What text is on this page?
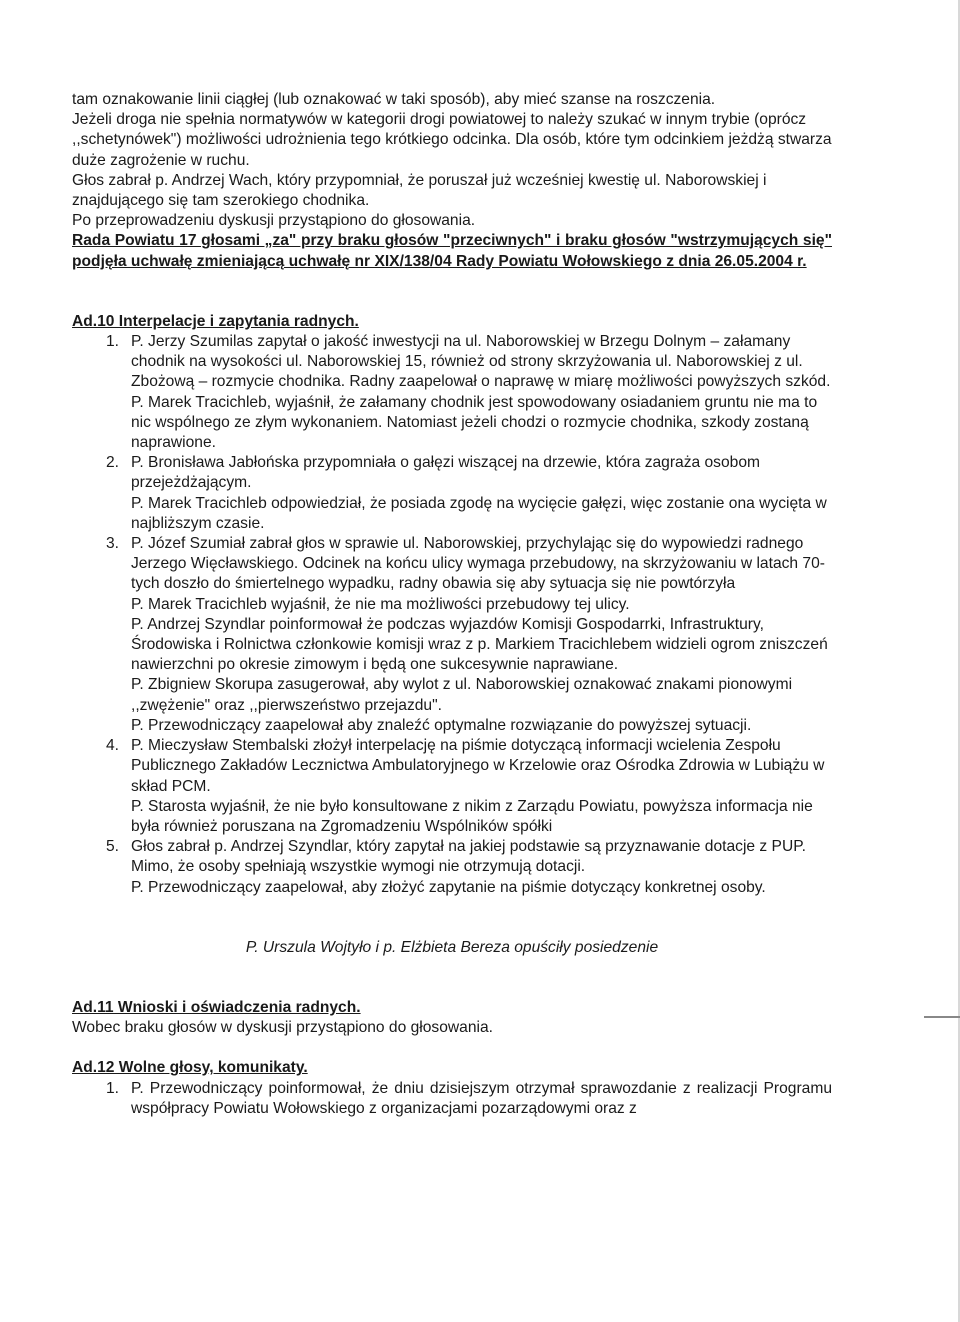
tam oznakowanie linii ciągłej (lub oznakować w taki sposób), aby mieć szanse na roszczenia.

Jeżeli droga nie spełnia normatywów w kategorii drogi powiatowej to należy szukać w innym trybie (oprócz ,,schetynówek") możliwości udrożnienia tego krótkiego odcinka. Dla osób, które tym odcinkiem jeżdżą stwarza duże zagrożenie w ruchu.

Głos zabrał p. Andrzej Wach, który przypomniał, że poruszał już wcześniej kwestię ul. Naborowskiej i znajdującego się tam szerokiego chodnika.

Po przeprowadzeniu dyskusji przystąpiono do głosowania.

Rada Powiatu 17 głosami „za" przy braku głosów "przeciwnych" i braku głosów "wstrzymujących się" podjęła uchwałę zmieniającą uchwałę nr XIX/138/04 Rady Powiatu Wołowskiego z dnia 26.05.2004 r.

Ad.10 Interpelacje i zapytania radnych.

1. P. Jerzy Szumilas zapytał o jakość inwestycji na ul. Naborowskiej w Brzegu Dolnym – załamany chodnik na wysokości ul. Naborowskiej 15, również od strony skrzyżowania ul. Naborowskiej z ul. Zbożową – rozmycie chodnika. Radny zaapelował o naprawę w miarę możliwości powyższych szkód.

P. Marek Tracichleb, wyjaśnił, że załamany chodnik jest spowodowany osiadaniem gruntu nie ma to nic wspólnego ze złym wykonaniem. Natomiast jeżeli chodzi o rozmycie chodnika, szkody zostaną naprawione.

2. P. Bronisława Jabłońska przypomniała o gałęzi wiszącej na drzewie, która zagraża osobom przejeżdżającym.

P. Marek Tracichleb odpowiedział, że posiada zgodę na wycięcie gałęzi, więc zostanie ona wycięta w najbliższym czasie.

3. P. Józef Szumiał zabrał głos w sprawie ul. Naborowskiej, przychylając się do wypowiedzi radnego Jerzego Więcławskiego. Odcinek na końcu ulicy wymaga przebudowy, na skrzyżowaniu w latach 70-tych doszło do śmiertelnego wypadku, radny obawia się aby sytuacja się nie powtórzyła

P. Marek Tracichleb wyjaśnił, że nie ma możliwości przebudowy tej ulicy.

P. Andrzej Szyndlar poinformował że podczas wyjazdów Komisji Gospodarrki, Infrastruktury, Środowiska i Rolnictwa członkowie komisji wraz z p. Markiem Tracichlebem widzieli ogrom zniszczeń nawierzchni po okresie zimowym i będą one sukcesywnie naprawiane.

P. Zbigniew Skorupa zasugerował, aby wylot z ul. Naborowskiej oznakować znakami pionowymi ,,zwężenie" oraz ,,pierwszeństwo przejazdu".

P. Przewodniczący zaapelował aby znaleźć optymalne rozwiązanie do powyższej sytuacji.

4. P. Mieczysław Stembalski złożył interpelację na piśmie dotyczącą informacji wcielenia Zespołu Publicznego Zakładów Lecznictwa Ambulatoryjnego w Krzelowie oraz Ośrodka Zdrowia w Lubiążu w skład PCM.

P. Starosta wyjaśnił, że nie było konsultowane z nikim z Zarządu Powiatu, powyższa informacja nie była również poruszana na Zgromadzeniu Wspólników spółki

5. Głos zabrał p. Andrzej Szyndlar, który zapytał na jakiej podstawie są przyznawanie dotacje z PUP. Mimo, że osoby spełniają wszystkie wymogi nie otrzymują dotacji.

P. Przewodniczący zaapelował, aby złożyć zapytanie na piśmie dotyczący konkretnej osoby.

P. Urszula Wojtyło i p. Elżbieta Bereza opuściły posiedzenie

Ad.11 Wnioski i oświadczenia radnych.

Wobec braku głosów w dyskusji przystąpiono do głosowania.

Ad.12 Wolne głosy, komunikaty.

1. P. Przewodniczący poinformował, że dniu dzisiejszym otrzymał sprawozdanie z realizacji Programu współpracy Powiatu Wołowskiego z organizacjami pozarządowymi oraz z
